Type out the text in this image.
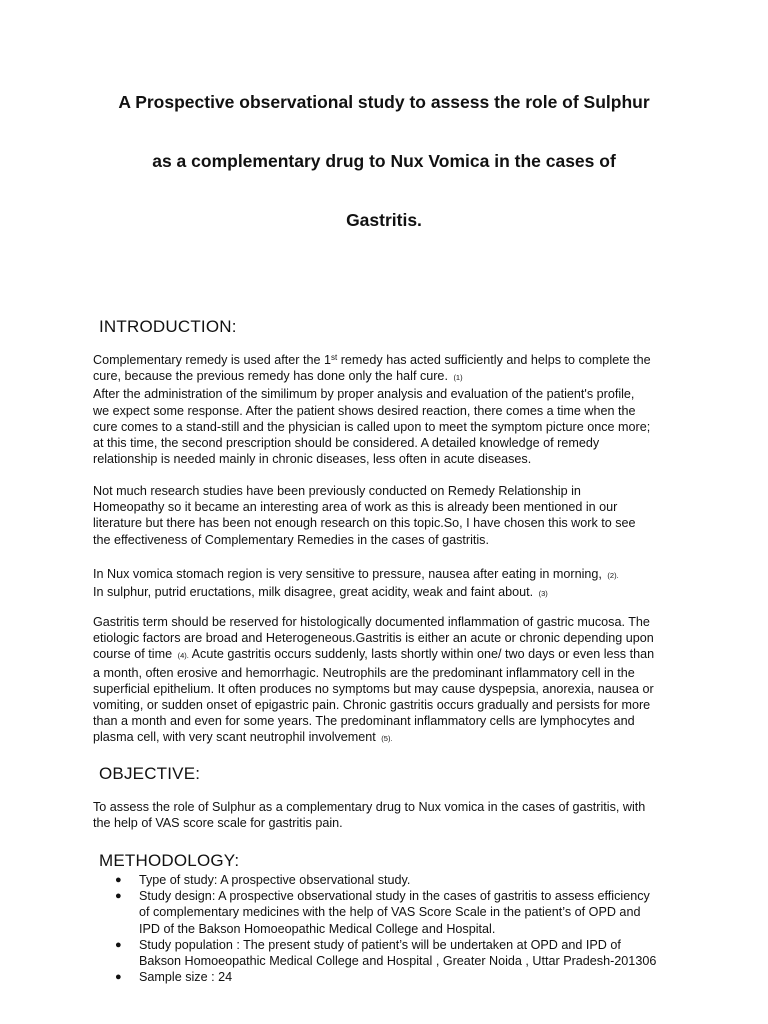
A Prospective observational study to assess the role of Sulphur

as a complementary drug to Nux Vomica in the cases of

Gastritis.

INTRODUCTION:
Complementary remedy is used after the 1st remedy has acted sufficiently and helps to complete the
cure, because the previous remedy has done only the half cure. (1)
After the administration of the similimum by proper analysis and evaluation of the patient's profile,
we expect some response. After the patient shows desired reaction, there comes a time when the
cure comes to a stand-still and the physician is called upon to meet the symptom picture once more;
at this time, the second prescription should be considered. A detailed knowledge of remedy
relationship is needed mainly in chronic diseases, less often in acute diseases.
Not much research studies have been previously conducted on Remedy Relationship in
Homeopathy so it became an interesting area of work as this is already been mentioned in our
literature but there has been not enough research on this topic.So, I have chosen this work to see
the effectiveness of Complementary Remedies in the cases of gastritis.
In Nux vomica stomach region is very sensitive to pressure, nausea after eating in morning, (2).
In sulphur, putrid eructations, milk disagree, great acidity, weak and faint about. (3)
Gastritis term should be reserved for histologically documented inflammation of gastric mucosa. The
etiologic factors are broad and Heterogeneous.Gastritis is either an acute or chronic depending upon
course of time (4). Acute gastritis occurs suddenly, lasts shortly within one/ two days or even less than
a month, often erosive and hemorrhagic. Neutrophils are the predominant inflammatory cell in the
superficial epithelium. It often produces no symptoms but may cause dyspepsia, anorexia, nausea or
vomiting, or sudden onset of epigastric pain. Chronic gastritis occurs gradually and persists for more
than a month and even for some years. The predominant inflammatory cells are lymphocytes and
plasma cell, with very scant neutrophil involvement (5).
OBJECTIVE:
To assess the role of Sulphur as a complementary drug to Nux vomica in the cases of gastritis, with
the help of VAS score scale for gastritis pain.
METHODOLOGY:
● Type of study: A prospective observational study.
● Study design: A prospective observational study in the cases of gastritis to assess efficiency
of complementary medicines with the help of VAS Score Scale in the patient’s of OPD and
IPD of the Bakson Homoeopathic Medical College and Hospital.
● Study population : The present study of patient’s will be undertaken at OPD and IPD of
Bakson Homoeopathic Medical College and Hospital , Greater Noida , Uttar Pradesh-201306
● Sample size : 24
